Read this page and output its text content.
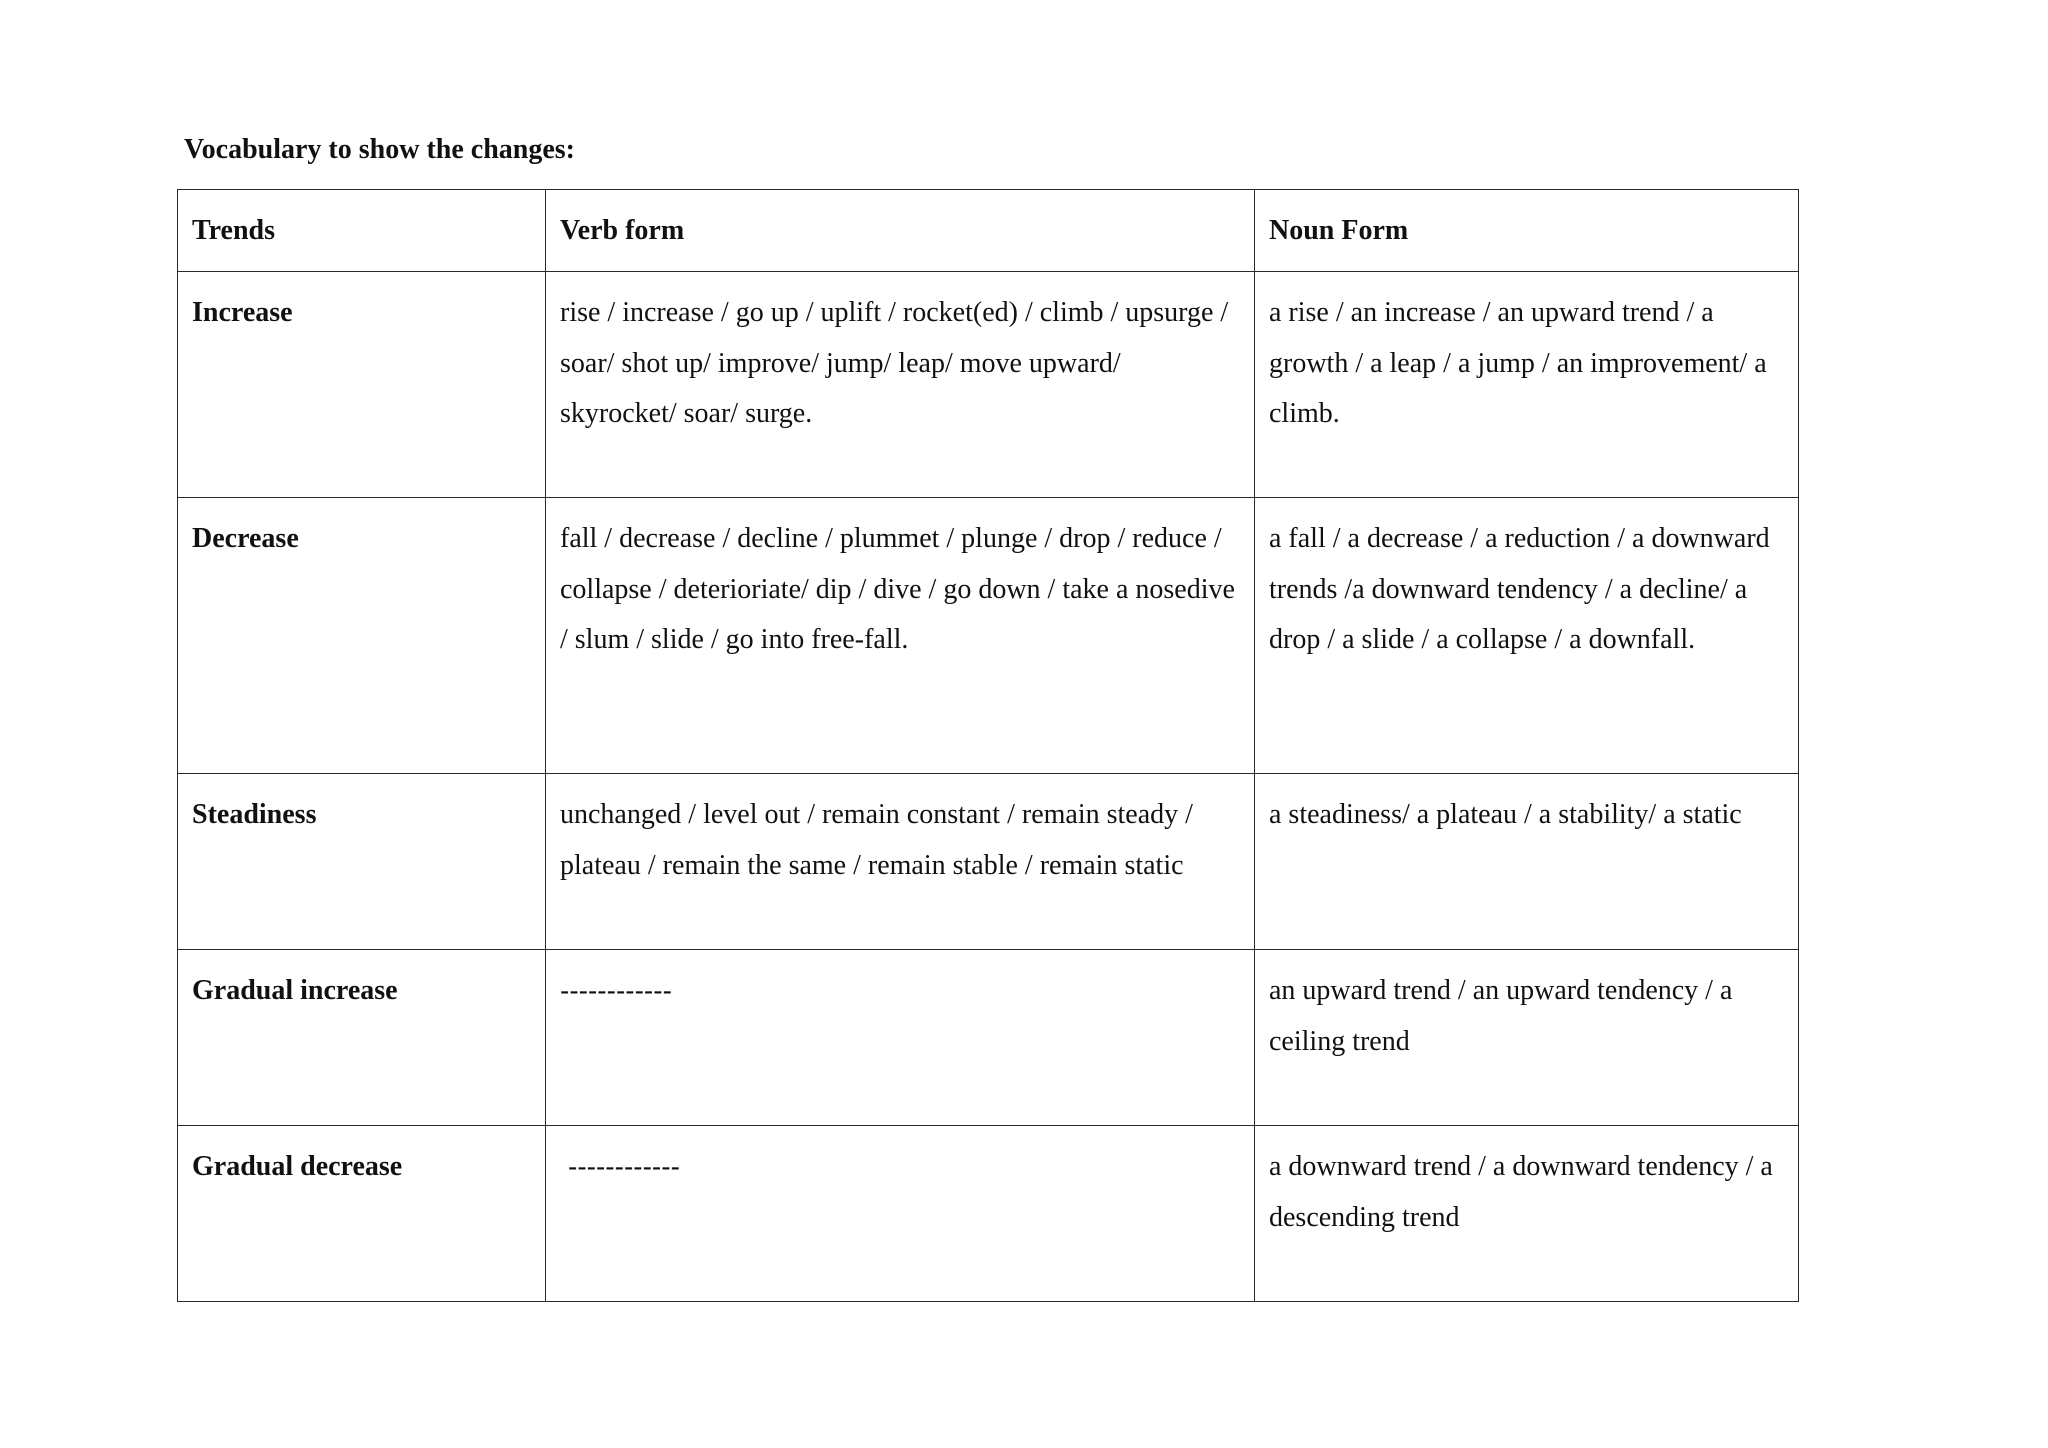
Vocabulary to show the changes:
Trends	Verb form	Noun Form

Increase	rise / increase / go up / uplift / rocket(ed) / climb / upsurge / soar/ shot up/ improve/ jump/ leap/ move upward/ skyrocket/ soar/ surge.	a rise / an increase / an upward trend / a growth / a leap / a jump / an improvement/ a climb.

Decrease	fall / decrease / decline / plummet / plunge / drop / reduce / collapse / deterioriate/ dip / dive / go down / take a nosedive / slum / slide / go into free-fall.	a fall / a decrease / a reduction / a downward trends /a downward tendency / a decline/ a drop / a slide / a collapse / a downfall.

Steadiness	unchanged / level out / remain constant / remain steady / plateau / remain the same / remain stable / remain static	a steadiness/ a plateau / a stability/ a static

Gradual increase	------------	an upward trend / an upward tendency / a ceiling trend

Gradual decrease	------------	a downward trend / a downward tendency / a descending trend
